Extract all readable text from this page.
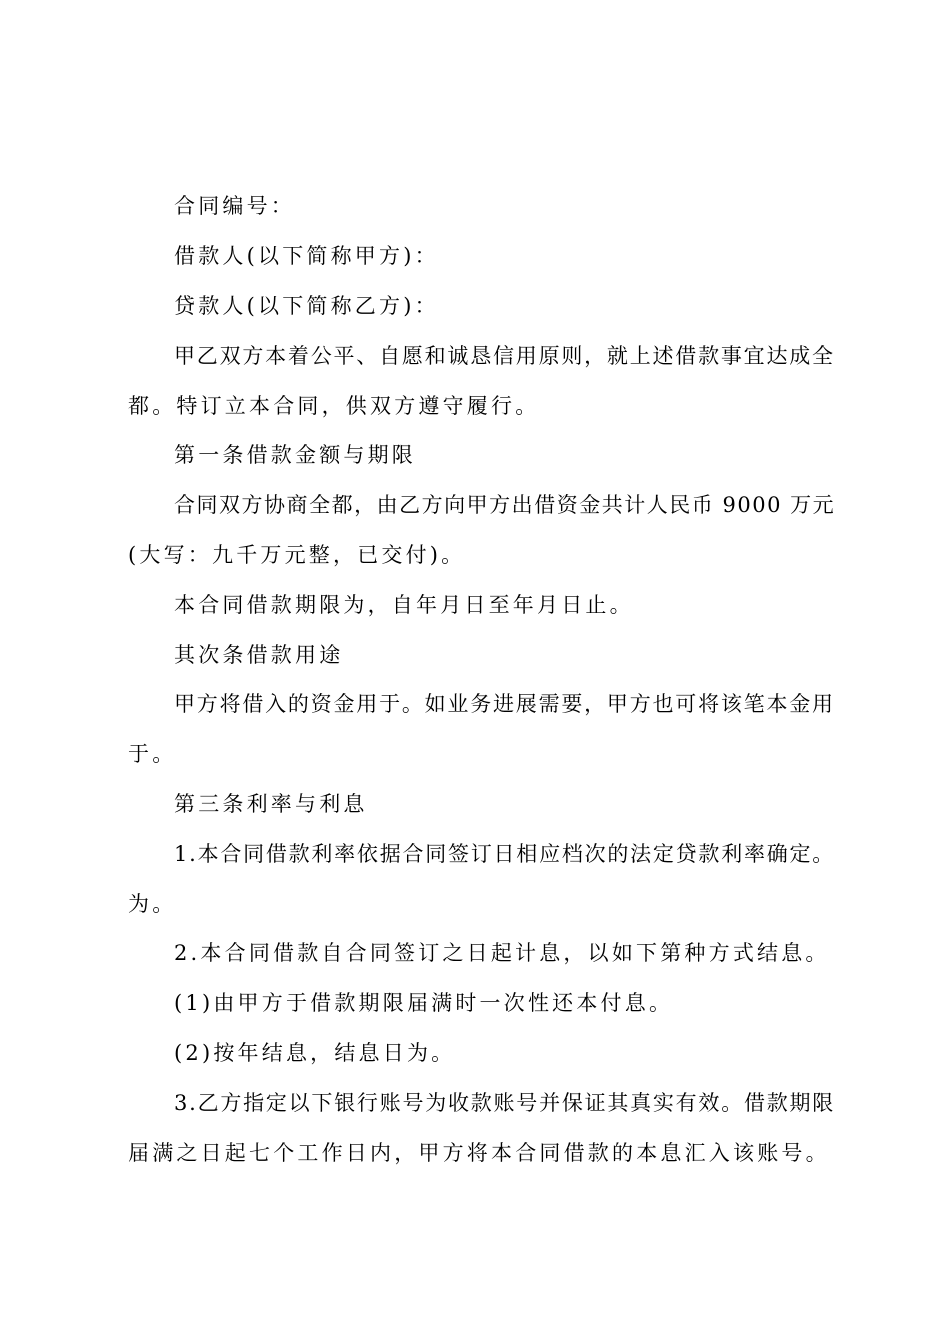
合同编号：
借款人(以下简称甲方)：
贷款人(以下简称乙方)：
甲乙双方本着公平、自愿和诚恳信用原则，就上述借款事宜达成全
都。特订立本合同，供双方遵守履行。
第一条借款金额与期限
合同双方协商全都，由乙方向甲方出借资金共计人民币 9000 万元
(大写：九千万元整，已交付)。
本合同借款期限为，自年月日至年月日止。
其次条借款用途
甲方将借入的资金用于。如业务进展需要，甲方也可将该笔本金用
于。
第三条利率与利息
1.本合同借款利率依据合同签订日相应档次的法定贷款利率确定。
为。
2.本合同借款自合同签订之日起计息，以如下第种方式结息。
(1)由甲方于借款期限届满时一次性还本付息。
(2)按年结息，结息日为。
3.乙方指定以下银行账号为收款账号并保证其真实有效。借款期限
届满之日起七个工作日内，甲方将本合同借款的本息汇入该账号。
